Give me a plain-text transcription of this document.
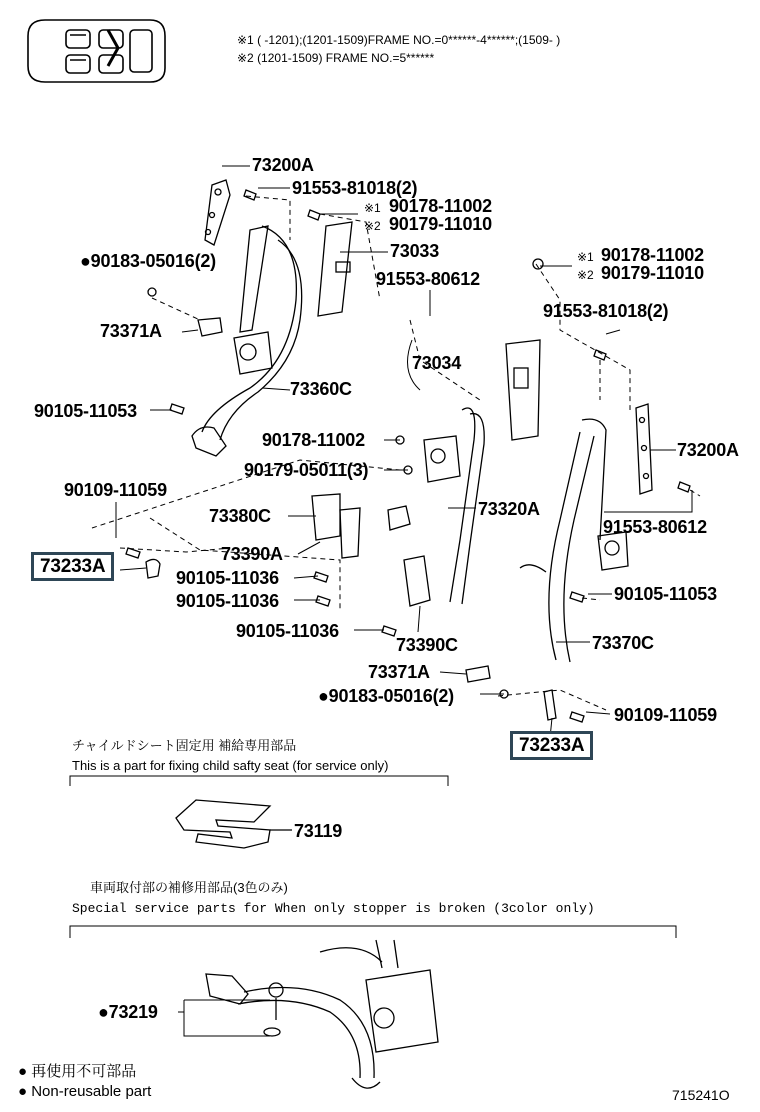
※1 ( -1201);(1201-1509)FRAME NO.=0******-4******;(1509- )
※2 (1201-1509) FRAME NO.=5******
73200A
91553-81018(2)
※1 90178-11002
※2 90179-11010
73033
●90183-05016(2)	※1 90178-11002
※2 90179-11010
91553-80612
91553-81018(2)
73371A
73034
73360C
90105-11053
90178-11002	73200A
90179-05011(3)
90109-11059
73380C	73320A
91553-80612
73390A
73233A
90105-11036
90105-11053
90105-11036
90105-11036
73390C	73370C
73371A
●90183-05016(2)
90109-11059
73233A
チャイルドシート固定用 補給専用部品
This is a part for fixing child safty seat (for service only)
73119
車両取付部の補修用部品(3色のみ)
Special service parts for When only stopper is broken (3color only)
●73219
● 再使用不可部品
● Non-reusable part	715241O
